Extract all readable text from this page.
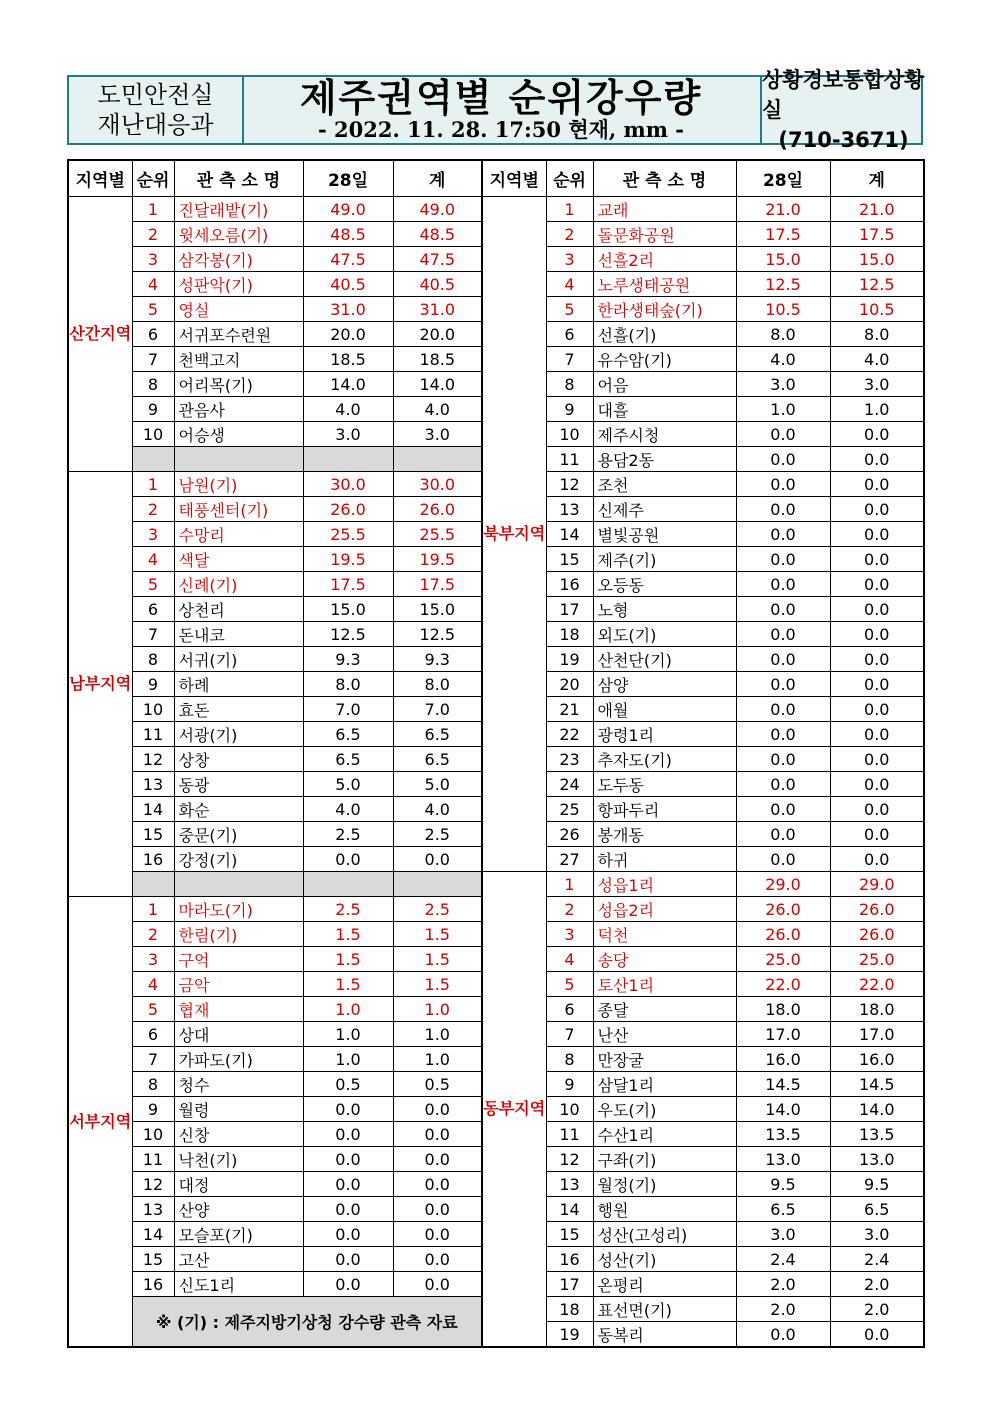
도민안전실
재난대응과
제주권역별 순위강우량
- 2022. 11. 28. 17:50 현재, mm -
상황경보통합상황실
(710-3671)
지역별	순위	관 측 소 명	28일	계
산간지역	1	진달래밭(기)	49.0	49.0
	2	윗세오름(기)	48.5	48.5
	3	삼각봉(기)	47.5	47.5
	4	성판악(기)	40.5	40.5
	5	영실	31.0	31.0
	6	서귀포수련원	20.0	20.0
	7	천백고지	18.5	18.5
	8	어리목(기)	14.0	14.0
	9	관음사	4.0	4.0
	10	어승생	3.0	3.0

남부지역	1	남원(기)	30.0	30.0
	2	태풍센터(기)	26.0	26.0
	3	수망리	25.5	25.5
	4	색달	19.5	19.5
	5	신례(기)	17.5	17.5
	6	상천리	15.0	15.0
	7	돈내코	12.5	12.5
	8	서귀(기)	9.3	9.3
	9	하례	8.0	8.0
	10	효돈	7.0	7.0
	11	서광(기)	6.5	6.5
	12	상창	6.5	6.5
	13	동광	5.0	5.0
	14	화순	4.0	4.0
	15	중문(기)	2.5	2.5
	16	강정(기)	0.0	0.0

서부지역	1	마라도(기)	2.5	2.5
	2	한림(기)	1.5	1.5
	3	구억	1.5	1.5
	4	금악	1.5	1.5
	5	협재	1.0	1.0
	6	상대	1.0	1.0
	7	가파도(기)	1.0	1.0
	8	청수	0.5	0.5
	9	월령	0.0	0.0
	10	신창	0.0	0.0
	11	낙천(기)	0.0	0.0
	12	대정	0.0	0.0
	13	산양	0.0	0.0
	14	모슬포(기)	0.0	0.0
	15	고산	0.0	0.0
	16	신도1리	0.0	0.0
	※ (기) : 제주지방기상청 강수량 관측 자료			
지역별	순위	관 측 소 명	28일	계
북부지역	1	교래	21.0	21.0
	2	돌문화공원	17.5	17.5
	3	선흘2리	15.0	15.0
	4	노루생태공원	12.5	12.5
	5	한라생태숲(기)	10.5	10.5
	6	선흘(기)	8.0	8.0
	7	유수암(기)	4.0	4.0
	8	어음	3.0	3.0
	9	대흘	1.0	1.0
	10	제주시청	0.0	0.0
	11	용담2동	0.0	0.0
	12	조천	0.0	0.0
	13	신제주	0.0	0.0
	14	별빛공원	0.0	0.0
	15	제주(기)	0.0	0.0
	16	오등동	0.0	0.0
	17	노형	0.0	0.0
	18	외도(기)	0.0	0.0
	19	산천단(기)	0.0	0.0
	20	삼양	0.0	0.0
	21	애월	0.0	0.0
	22	광령1리	0.0	0.0
	23	추자도(기)	0.0	0.0
	24	도두동	0.0	0.0
	25	항파두리	0.0	0.0
	26	봉개동	0.0	0.0
	27	하귀	0.0	0.0
동부지역	1	성읍1리	29.0	29.0
	2	성읍2리	26.0	26.0
	3	덕천	26.0	26.0
	4	송당	25.0	25.0
	5	토산1리	22.0	22.0
	6	종달	18.0	18.0
	7	난산	17.0	17.0
	8	만장굴	16.0	16.0
	9	삼달1리	14.5	14.5
	10	우도(기)	14.0	14.0
	11	수산1리	13.5	13.5
	12	구좌(기)	13.0	13.0
	13	월정(기)	9.5	9.5
	14	행원	6.5	6.5
	15	성산(고성리)	3.0	3.0
	16	성산(기)	2.4	2.4
	17	온평리	2.0	2.0
	18	표선면(기)	2.0	2.0
	19	동복리	0.0	0.0
